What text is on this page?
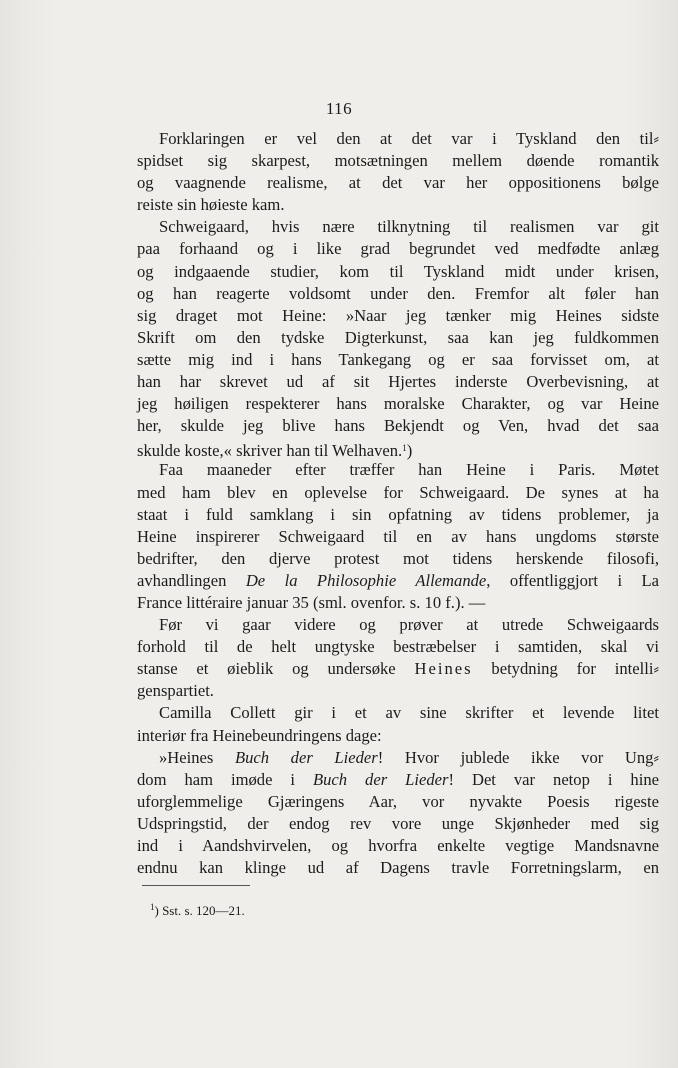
116
Forklaringen er vel den at det var i Tyskland den til⸗
spidset sig skarpest, motsætningen mellem døende romantik
og vaagnende realisme, at det var her oppositionens bølge
reiste sin høieste kam.
Schweigaard, hvis nære tilknytning til realismen var git
paa forhaand og i like grad begrundet ved medfødte anlæg
og indgaaende studier, kom til Tyskland midt under krisen,
og han reagerte voldsomt under den. Fremfor alt føler han
sig draget mot Heine: »Naar jeg tænker mig Heines sidste
Skrift om den tydske Digterkunst, saa kan jeg fuldkommen
sætte mig ind i hans Tankegang og er saa forvisset om, at
han har skrevet ud af sit Hjertes inderste Overbevisning, at
jeg høiligen respekterer hans moralske Charakter, og var Heine
her, skulde jeg blive hans Bekjendt og Ven, hvad det saa
skulde koste,« skriver han til Welhaven.$^1$)
Faa maaneder efter træffer han Heine i Paris. Møtet
med ham blev en oplevelse for Schweigaard. De synes at ha
staat i fuld samklang i sin opfatning av tidens problemer, ja
Heine inspirerer Schweigaard til en av hans ungdoms største
bedrifter, den djerve protest mot tidens herskende filosofi,
avhandlingen De la Philosophie Allemande, offentliggjort i La
France littéraire januar 35 (sml. ovenfor. s. 10 f.). —
Før vi gaar videre og prøver at utrede Schweigaards
forhold til de helt ungtyske bestræbelser i samtiden, skal vi
stanse et øieblik og undersøke Heines betydning for intelli⸗
genspartiet.
Camilla Collett gir i et av sine skrifter et levende litet
interiør fra Heinebeundringens dage:
»Heines Buch der Lieder! Hvor jublede ikke vor Ung⸗
dom ham imøde i Buch der Lieder! Det var netop i hine
uforglemmelige Gjæringens Aar, vor nyvakte Poesis rigeste
Udspringstid, der endog rev vore unge Skjønheder med sig
ind i Aandshvirvelen, og hvorfra enkelte vegtige Mandsnavne
endnu kan klinge ud af Dagens travle Forretningslarm, en
$^1$) Sst. s. 120—21.
